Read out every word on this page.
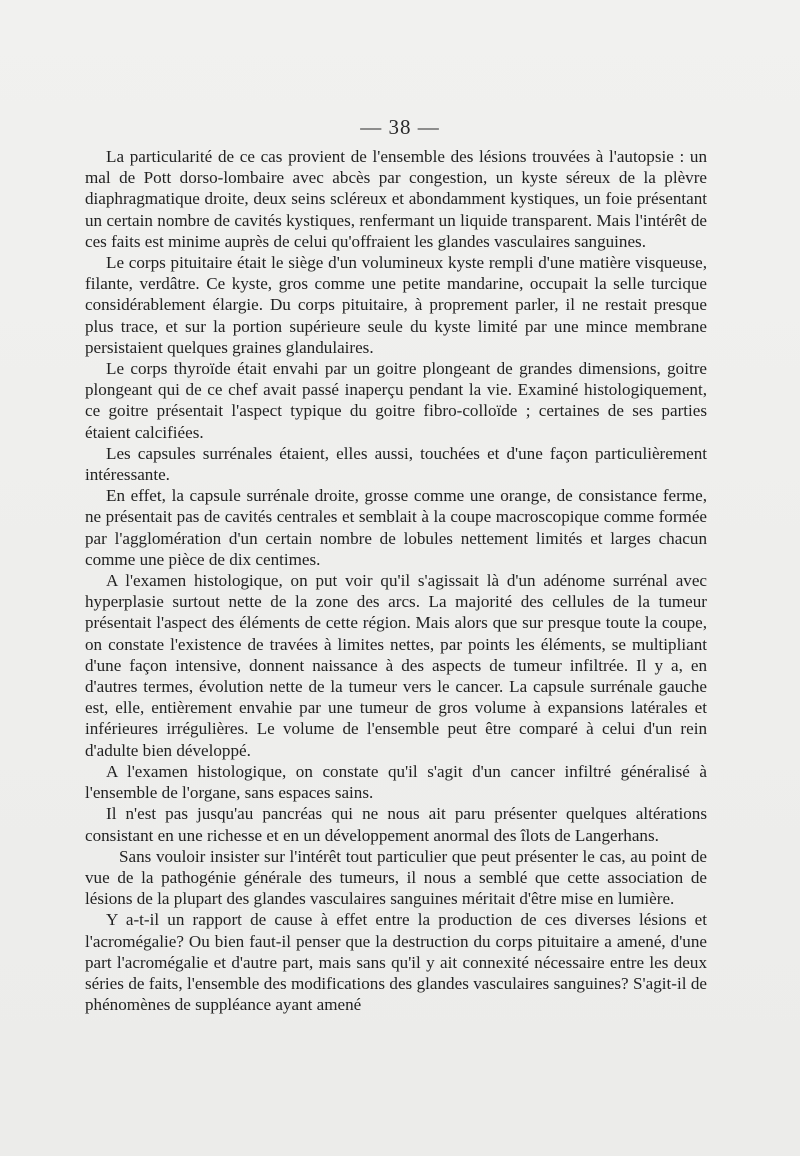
— 38 —

La particularité de ce cas provient de l'ensemble des lésions trouvées à l'autopsie : un mal de Pott dorso-lombaire avec abcès par congestion, un kyste séreux de la plèvre diaphragmatique droite, deux seins scléreux et abondamment kystiques, un foie présentant un certain nombre de cavités kystiques, renfermant un liquide transparent. Mais l'intérêt de ces faits est minime auprès de celui qu'offraient les glandes vasculaires sanguines.

Le corps pituitaire était le siège d'un volumineux kyste rempli d'une matière visqueuse, filante, verdâtre. Ce kyste, gros comme une petite mandarine, occupait la selle turcique considérablement élargie. Du corps pituitaire, à proprement parler, il ne restait presque plus trace, et sur la portion supérieure seule du kyste limité par une mince membrane persistaient quelques graines glandulaires.

Le corps thyroïde était envahi par un goitre plongeant de grandes dimensions, goitre plongeant qui de ce chef avait passé inaperçu pendant la vie. Examiné histologiquement, ce goitre présentait l'aspect typique du goitre fibro-colloïde ; certaines de ses parties étaient calcifiées.

Les capsules surrénales étaient, elles aussi, touchées et d'une façon particulièrement intéressante.

En effet, la capsule surrénale droite, grosse comme une orange, de consistance ferme, ne présentait pas de cavités centrales et semblait à la coupe macroscopique comme formée par l'agglomération d'un certain nombre de lobules nettement limités et larges chacun comme une pièce de dix centimes.

A l'examen histologique, on put voir qu'il s'agissait là d'un adénome surrénal avec hyperplasie surtout nette de la zone des arcs. La majorité des cellules de la tumeur présentait l'aspect des éléments de cette région. Mais alors que sur presque toute la coupe, on constate l'existence de travées à limites nettes, par points les éléments, se multipliant d'une façon intensive, donnent naissance à des aspects de tumeur infiltrée. Il y a, en d'autres termes, évolution nette de la tumeur vers le cancer. La capsule surrénale gauche est, elle, entièrement envahie par une tumeur de gros volume à expansions latérales et inférieures irrégulières. Le volume de l'ensemble peut être comparé à celui d'un rein d'adulte bien développé.

A l'examen histologique, on constate qu'il s'agit d'un cancer infiltré généralisé à l'ensemble de l'organe, sans espaces sains.

Il n'est pas jusqu'au pancréas qui ne nous ait paru présenter quelques altérations consistant en une richesse et en un développement anormal des îlots de Langerhans.

Sans vouloir insister sur l'intérêt tout particulier que peut présenter le cas, au point de vue de la pathogénie générale des tumeurs, il nous a semblé que cette association de lésions de la plupart des glandes vasculaires sanguines méritait d'être mise en lumière.

Y a-t-il un rapport de cause à effet entre la production de ces diverses lésions et l'acromégalie? Ou bien faut-il penser que la destruction du corps pituitaire a amené, d'une part l'acromégalie et d'autre part, mais sans qu'il y ait connexité nécessaire entre les deux séries de faits, l'ensemble des modifications des glandes vasculaires sanguines? S'agit-il de phénomènes de suppléance ayant amené
